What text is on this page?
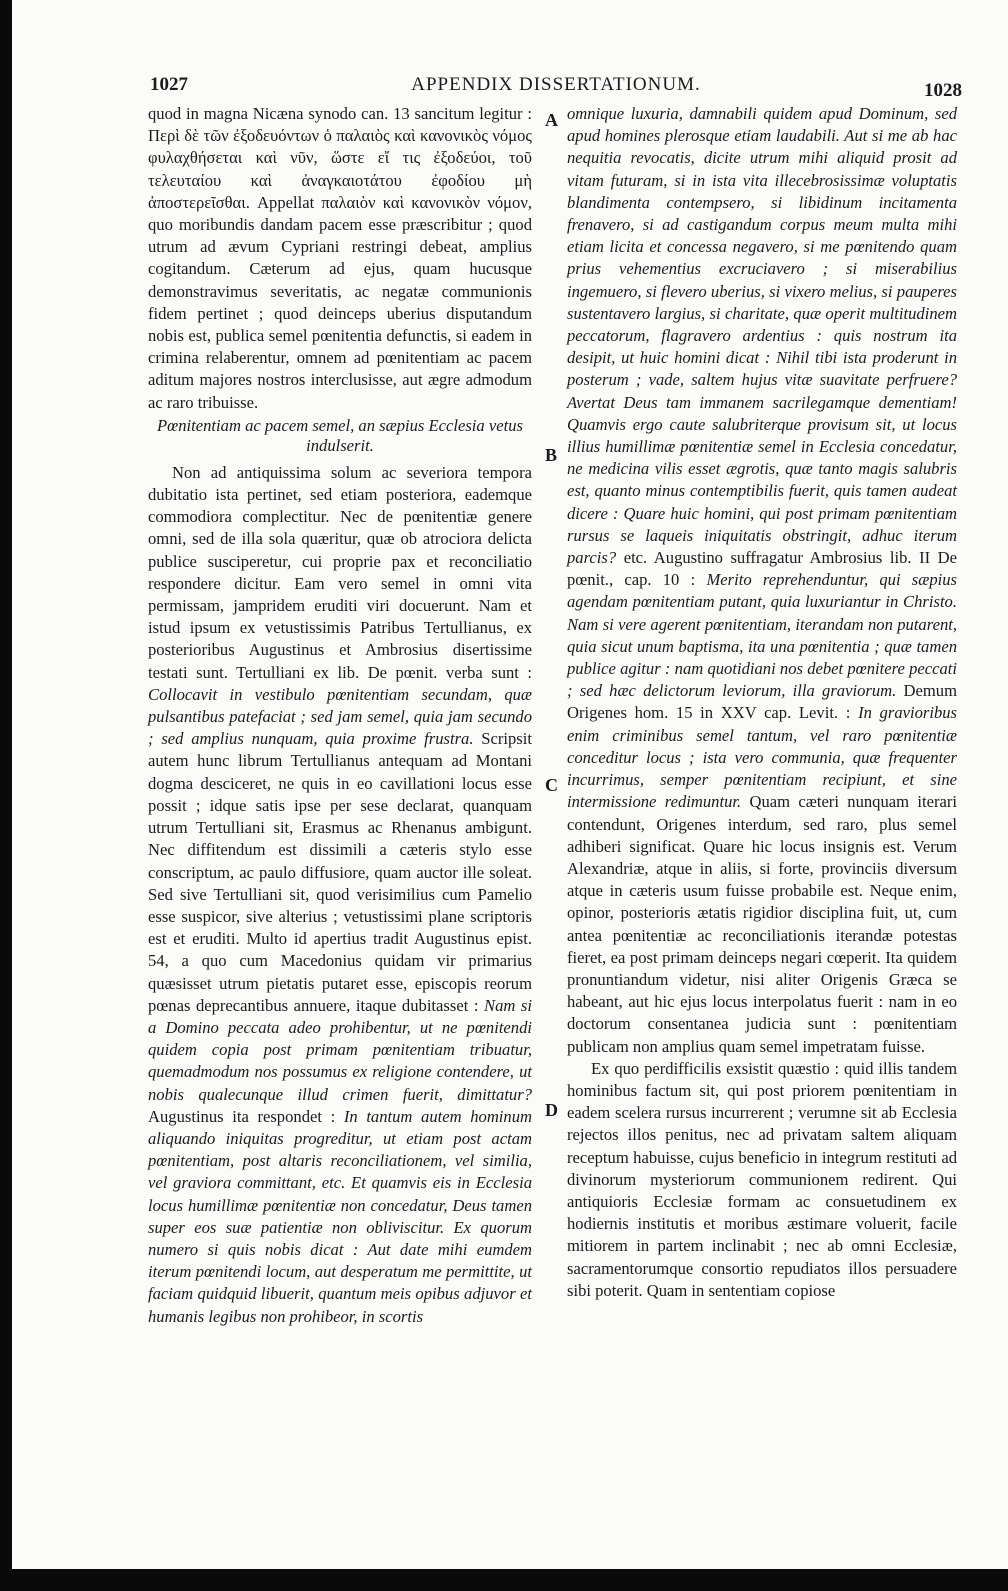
1027	APPENDIX DISSERTATIONUM.	1028
A
B
C
D

quod in magna Nicæna synodo can. 13 sancitum legitur : Περὶ δὲ τῶν ἐξοδευόντων ὁ παλαιὸς καὶ κανονικὸς νόμος φυλαχθήσεται καὶ νῦν, ὥστε εἴ τις ἐξοδεύοι, τοῦ τελευταίου καὶ ἀναγκαιοτάτου ἐφοδίου μὴ ἀποστερεῖσθαι. Appellat παλαιὸν καὶ κανονικὸν νόμον, quo moribundis dandam pacem esse præscribitur ; quod utrum ad ævum Cypriani restringi debeat, amplius cogitandum. Cæterum ad ejus, quam hucusque demonstravimus severitatis, ac negatæ communionis fidem pertinet ; quod deinceps uberius disputandum nobis est, publica semel pœnitentia defunctis, si eadem in crimina relaberentur, omnem ad pœnitentiam ac pacem aditum majores nostros interclusisse, aut ægre admodum ac raro tribuisse.

Pœnitentiam ac pacem semel, an sæpius Ecclesia vetus indulserit.

Non ad antiquissima solum ac severiora tempora dubitatio ista pertinet, sed etiam posteriora, eademque commodiora complectitur. Nec de pœnitentiæ genere omni, sed de illa sola quæritur, quæ ob atrociora delicta publice susciperetur, cui proprie pax et reconciliatio respondere dicitur. Eam vero semel in omni vita permissam, jampridem eruditi viri docuerunt. Nam et istud ipsum ex vetustissimis Patribus Tertullianus, ex posterioribus Augustinus et Ambrosius disertissime testati sunt. Tertulliani ex lib. De pœnit. verba sunt : Collocavit in vestibulo pœnitentiam secundam, quæ pulsantibus patefaciat ; sed jam semel, quia jam secundo ; sed amplius nunquam, quia proxime frustra. Scripsit autem hunc librum Tertullianus antequam ad Montani dogma desciceret, ne quis in eo cavillationi locus esse possit ; idque satis ipse per sese declarat, quanquam utrum Tertulliani sit, Erasmus ac Rhenanus ambigunt. Nec diffitendum est dissimili a cæteris stylo esse conscriptum, ac paulo diffusiore, quam auctor ille soleat. Sed sive Tertulliani sit, quod verisimilius cum Pamelio esse suspicor, sive alterius ; vetustissimi plane scriptoris est et eruditi. Multo id apertius tradit Augustinus epist. 54, a quo cum Macedonius quidam vir primarius quæsisset utrum pietatis putaret esse, episcopis reorum pœnas deprecantibus annuere, itaque dubitasset : Nam si a Domino peccata adeo prohibentur, ut ne pœnitendi quidem copia post primam pœnitentiam tribuatur, quemadmodum nos possumus ex religione contendere, ut nobis qualecunque illud crimen fuerit, dimittatur? Augustinus ita respondet : In tantum autem hominum aliquando iniquitas progreditur, ut etiam post actam pœnitentiam, post altaris reconciliationem, vel similia, vel graviora committant, etc. Et quamvis eis in Ecclesia locus humillimæ pœnitentiæ non concedatur, Deus tamen super eos suæ patientiæ non obliviscitur. Ex quorum numero si quis nobis dicat : Aut date mihi eumdem iterum pœnitendi locum, aut desperatum me permittite, ut faciam quidquid libuerit, quantum meis opibus adjuvor et humanis legibus non prohibeor, in scortis

omnique luxuria, damnabili quidem apud Dominum, sed apud homines plerosque etiam laudabili. Aut si me ab hac nequitia revocatis, dicite utrum mihi aliquid prosit ad vitam futuram, si in ista vita illecebrosissimæ voluptatis blandimenta contempsero, si libidinum incitamenta frenavero, si ad castigandum corpus meum multa mihi etiam licita et concessa negavero, si me pœnitendo quam prius vehementius excruciavero ; si miserabilius ingemuero, si flevero uberius, si vixero melius, si pauperes sustentavero largius, si charitate, quæ operit multitudinem peccatorum, flagravero ardentius : quis nostrum ita desipit, ut huic homini dicat : Nihil tibi ista proderunt in posterum ; vade, saltem hujus vitæ suavitate perfruere? Avertat Deus tam immanem sacrilegamque dementiam! Quamvis ergo caute salubriterque provisum sit, ut locus illius humillimæ pœnitentiæ semel in Ecclesia concedatur, ne medicina vilis esset ægrotis, quæ tanto magis salubris est, quanto minus contemptibilis fuerit, quis tamen audeat dicere : Quare huic homini, qui post primam pœnitentiam rursus se laqueis iniquitatis obstringit, adhuc iterum parcis? etc. Augustino suffragatur Ambrosius lib. II De pœnit., cap. 10 : Merito reprehenduntur, qui sæpius agendam pœnitentiam putant, quia luxuriantur in Christo. Nam si vere agerent pœnitentiam, iterandam non putarent, quia sicut unum baptisma, ita una pœnitentia ; quæ tamen publice agitur : nam quotidiani nos debet pœnitere peccati ; sed hæc delictorum leviorum, illa graviorum. Demum Origenes hom. 15 in XXV cap. Levit. : In gravioribus enim criminibus semel tantum, vel raro pœnitentiæ conceditur locus ; ista vero communia, quæ frequenter incurrimus, semper pœnitentiam recipiunt, et sine intermissione redimuntur. Quam cæteri nunquam iterari contendunt, Origenes interdum, sed raro, plus semel adhiberi significat. Quare hic locus insignis est. Verum Alexandriæ, atque in aliis, si forte, provinciis diversum atque in cæteris usum fuisse probabile est. Neque enim, opinor, posterioris ætatis rigidior disciplina fuit, ut, cum antea pœnitentiæ ac reconciliationis iterandæ potestas fieret, ea post primam deinceps negari cœperit. Ita quidem pronuntiandum videtur, nisi aliter Origenis Græca se habeant, aut hic ejus locus interpolatus fuerit : nam in eo doctorum consentanea judicia sunt : pœnitentiam publicam non amplius quam semel impetratam fuisse.

Ex quo perdifficilis exsistit quæstio : quid illis tandem hominibus factum sit, qui post priorem pœnitentiam in eadem scelera rursus incurrerent ; verumne sit ab Ecclesia rejectos illos penitus, nec ad privatam saltem aliquam receptum habuisse, cujus beneficio in integrum restituti ad divinorum mysteriorum communionem redirent. Qui antiquioris Ecclesiæ formam ac consuetudinem ex hodiernis institutis et moribus æstimare voluerit, facile mitiorem in partem inclinabit ; nec ab omni Ecclesiæ, sacramentorumque consortio repudiatos illos persuadere sibi poterit. Quam in sententiam copiose
